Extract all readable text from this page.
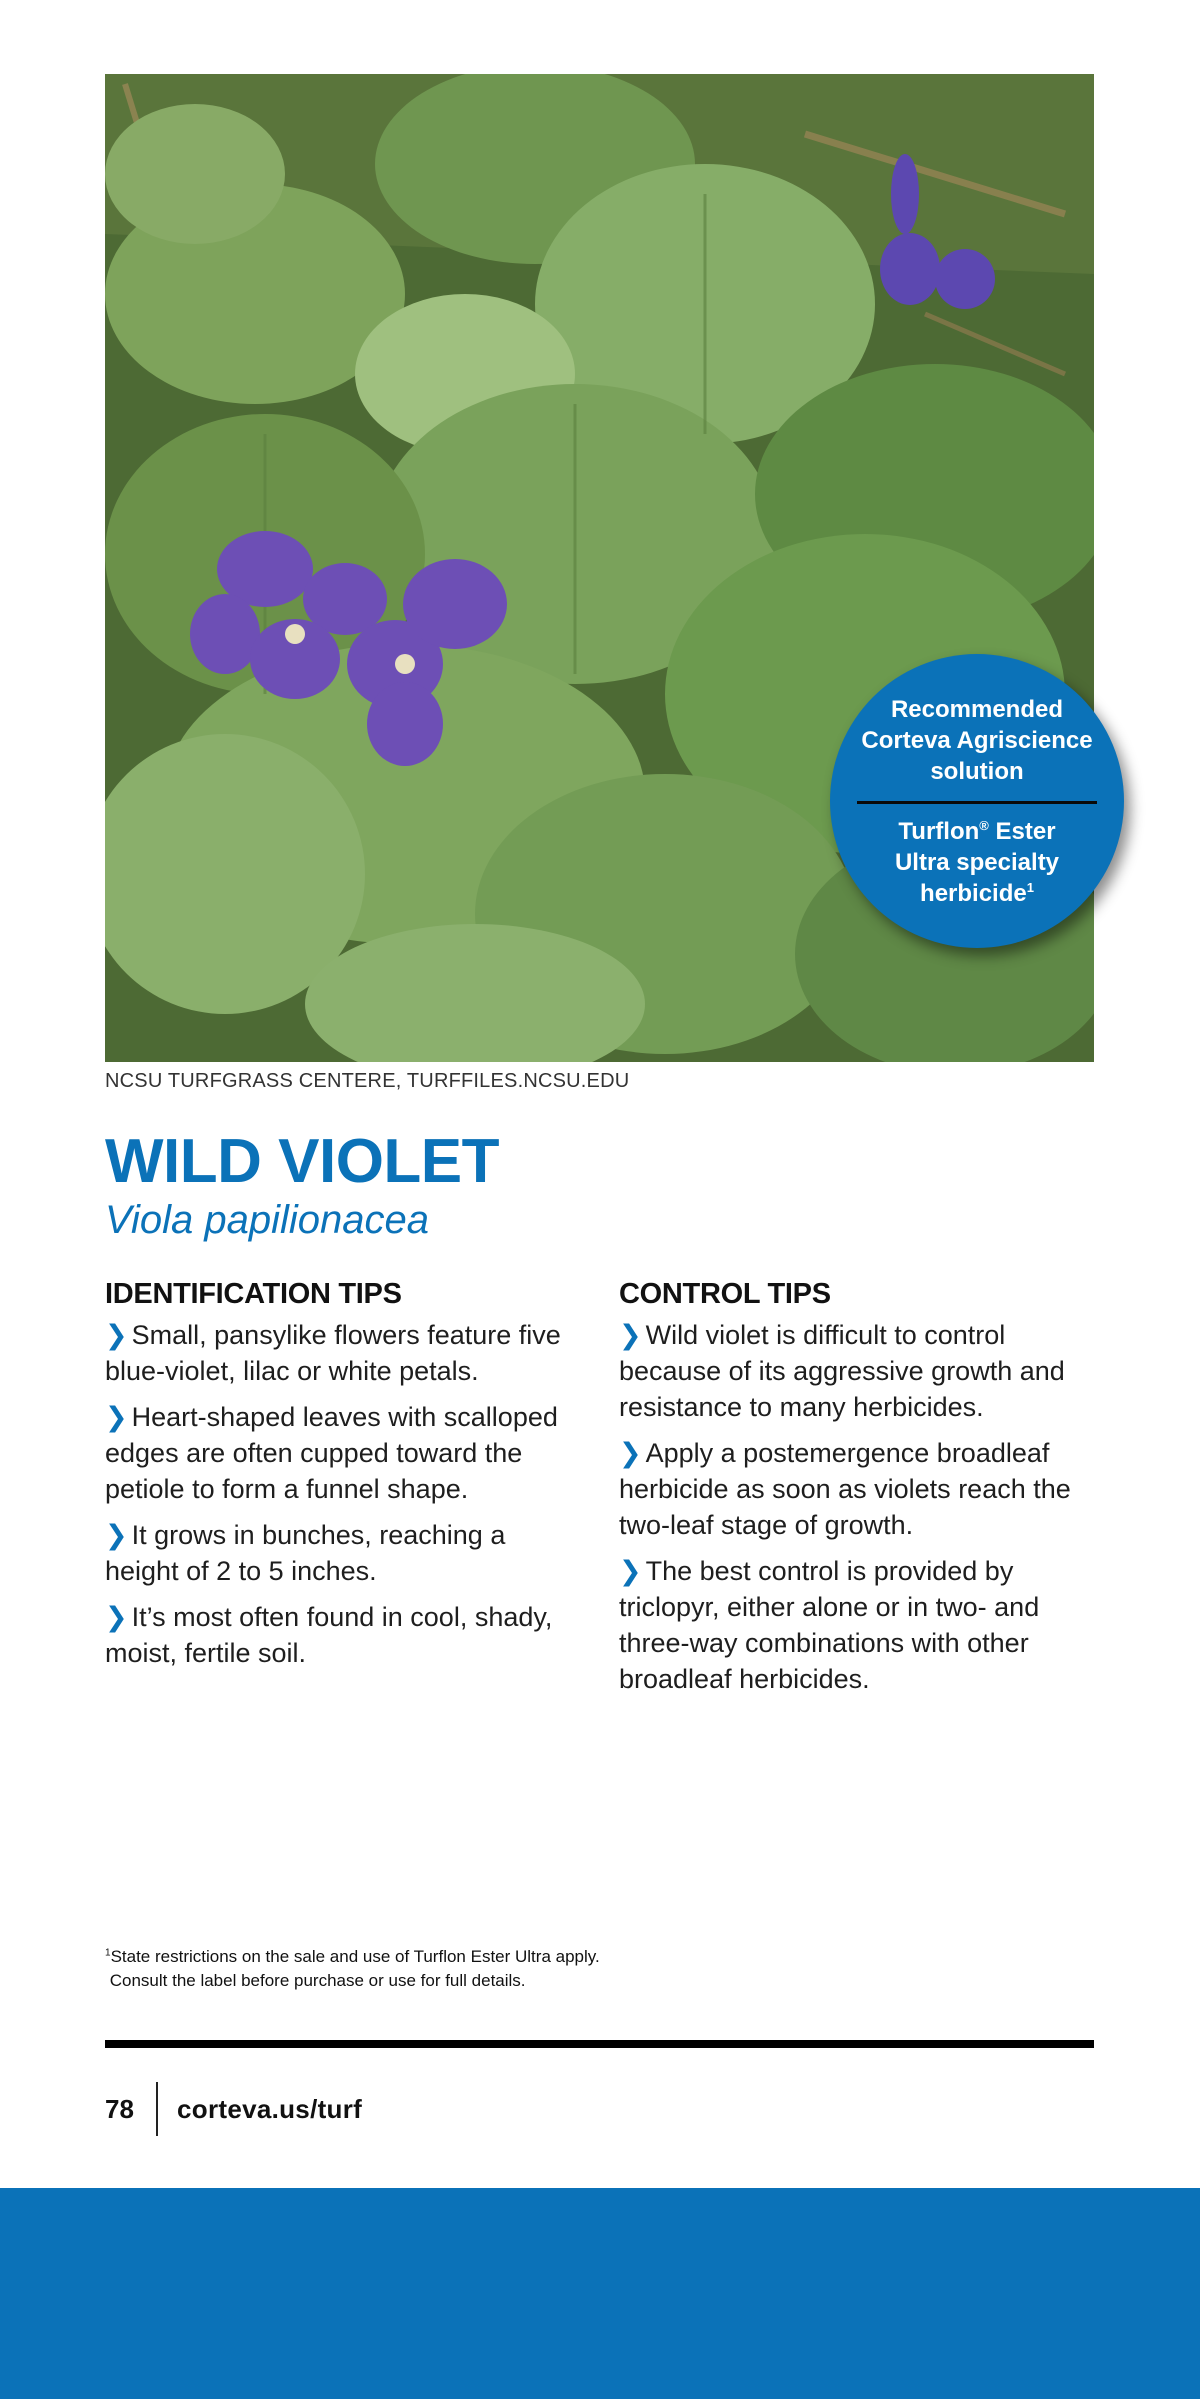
Recommended Corteva Agriscience solution
Turflon® Ester Ultra specialty herbicide$^1$
NCSU TURFGRASS CENTERE, TURFFILES.NCSU.EDU
WILD VIOLET
Viola papilionacea
IDENTIFICATION TIPS
❯ Small, pansylike flowers feature five blue-violet, lilac or white petals.
❯ Heart-shaped leaves with scalloped edges are often cupped toward the petiole to form a funnel shape.
❯ It grows in bunches, reaching a height of 2 to 5 inches.
❯ It’s most often found in cool, shady, moist, fertile soil.
CONTROL TIPS
❯ Wild violet is difficult to control because of its aggressive growth and resistance to many herbicides.
❯ Apply a postemergence broadleaf herbicide as soon as violets reach the two-leaf stage of growth.
❯ The best control is provided by triclopyr, either alone or in two- and three-way combinations with other broadleaf herbicides.
$^1$State restrictions on the sale and use of Turflon Ester Ultra apply.
Consult the label before purchase or use for full details.
78 corteva.us/turf
